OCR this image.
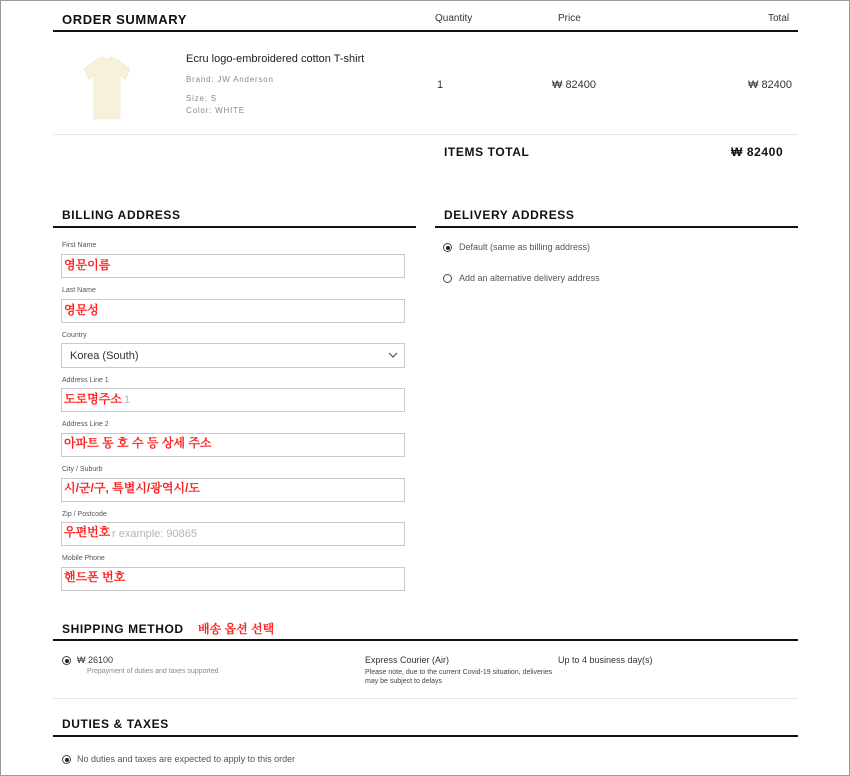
ORDER SUMMARY	Quantity	Price	Total
Ecru logo-embroidered cotton T-shirt
Brand: JW Anderson
Size: S
Color: WHITE
1	₩ 82400	₩ 82400
ITEMS TOTAL	₩ 82400
BILLING ADDRESS	DELIVERY ADDRESS
Default (same as billing address)
Add an alternative delivery address
First Name
영문이름
Last Name
영문성
Country
Korea (South)
Address Line 1
1
도로명주소
Address Line 2
아파트 동 호 수 등 상세 주소
City / Suburb
시/군/구, 특별시/광역시/도
Zip / Postcode
r example: 90865
우편번호
Mobile Phone
핸드폰 번호
SHIPPING METHOD 배송 옵션 선택
₩ 26100
Prepayment of duties and taxes supported
Express Courier (Air)
Please note, due to the current Covid-19 situation, deliveries may be subject to delays
Up to 4 business day(s)
DUTIES & TAXES
No duties and taxes are expected to apply to this order
